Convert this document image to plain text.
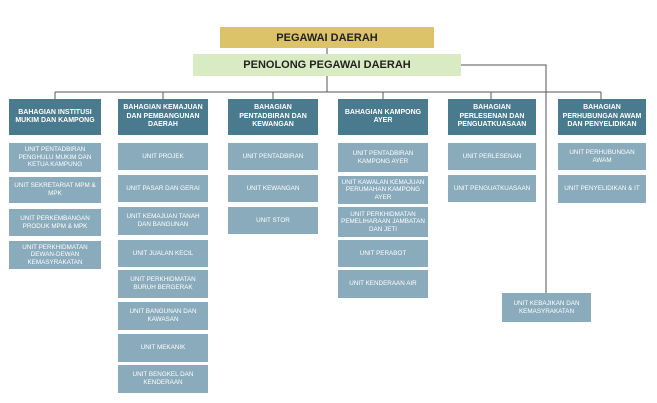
PEGAWAI DAERAH
PENOLONG PEGAWAI DAERAH
BAHAGIAN INSTITUSI MUKIM DAN KAMPONG
UNIT PENTADBIRAN PENGHULU MUKIM DAN KETUA KAMPUNG
UNIT SEKRETARIAT MPM & MPK
UNIT PERKEMBANGAN PRODUK MPM & MPK
UNIT PERKHIDMATAN DEWAN-DEWAN KEMASYRAKATAN
BAHAGIAN KEMAJUAN DAN PEMBANGUNAN DAERAH
UNIT PROJEK
UNIT PASAR DAN GERAI
UNIT KEMAJUAN TANAH DAN BANGUNAN
UNIT JUALAN KECIL
UNIT PERKHIDMATAN BURUH BERGERAK
UNIT BANGUNAN DAN KAWASAN
UNIT MEKANIK
UNIT BENGKEL DAN KENDERAAN
BAHAGIAN PENTADBIRAN DAN KEWANGAN
UNIT PENTADBIRAN
UNIT KEWANGAN
UNIT STOR
BAHAGIAN KAMPONG AYER
UNIT PENTADBIRAN KAMPONG AYER
UNIT KAWALAN KEMAJUAN PERUMAHAN KAMPONG AYER
UNIT PERKHIDMATAN PEMELIHARAAN JAMBATAN DAN JETI
UNIT PERABOT
UNIT KENDERAAN AIR
BAHAGIAN PERLESENAN DAN PENGUATKUASAAN
UNIT PERLESENAN
UNIT PENGUATKUASAAN
BAHAGIAN PERHUBUNGAN AWAM DAN PENYELIDIKAN
UNIT PERHUBUNGAN AWAM
UNIT PENYELIDIKAN & IT
UNIT KEBAJIKAN DAN KEMASYRAKATAN
